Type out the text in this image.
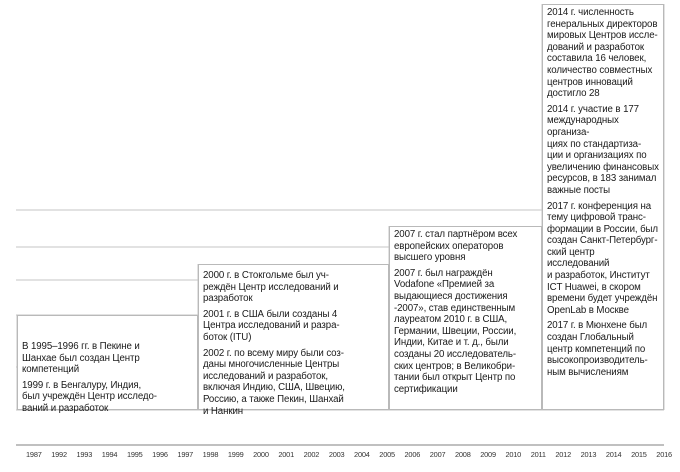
В 1995–1996 гг. в Пекине и
Шанхае был создан Центр
компетенций

1999 г. в Бенгалуру, Индия,
был учреждён Центр исследо-
ваний и разработок

2000 г. в Стокгольме был уч-
реждён Центр исследований и
разработок

2001 г. в США были созданы 4
Центра исследований и разра-
боток (ITU)

2002 г. по всему миру были соз-
даны многочисленные Центры
исследований и разработок,
включая Индию, США, Швецию,
Россию, а также Пекин, Шанхай
и Нанкин

2007 г. стал партнёром всех
европейских операторов
высшего уровня

2007 г. был награждён
Vodafone «Премией за
выдающиеся достижения
-2007», став единственным
лауреатом 2010 г. в США,
Германии, Швеции, России,
Индии, Китае и т. д., были
созданы 20 исследователь-
ских центров; в Великобри-
тании был открыт Центр по
сертификации

2014 г. численность
генеральных директоров
мировых Центров иссле-
дований и разработок
составила 16 человек,
количество совместных
центров инноваций
достигло 28

2014 г. участие в 177
международных организа-
циях по стандартиза-
ции и организациях по
увеличению финансовых
ресурсов, в 183 занимал
важные посты

2017 г. конференция на
тему цифровой транс-
формации в России, был
создан Санкт-Петербург-
ский центр исследований
и разработок, Институт
ICT Huawei, в скором
времени будет учреждён
OpenLab в Москве

2017 г. в Мюнхене был
создан Глобальный
центр компетенций по
высокопроизводитель-
ным вычислениям

1987 1992 1993 1994 1995 1996 1997 1998 1999 2000 2001 2002 2003 2004 2005 2006 2007 2008 2009 2010 2011 2012 2013 2014 2015 2016
